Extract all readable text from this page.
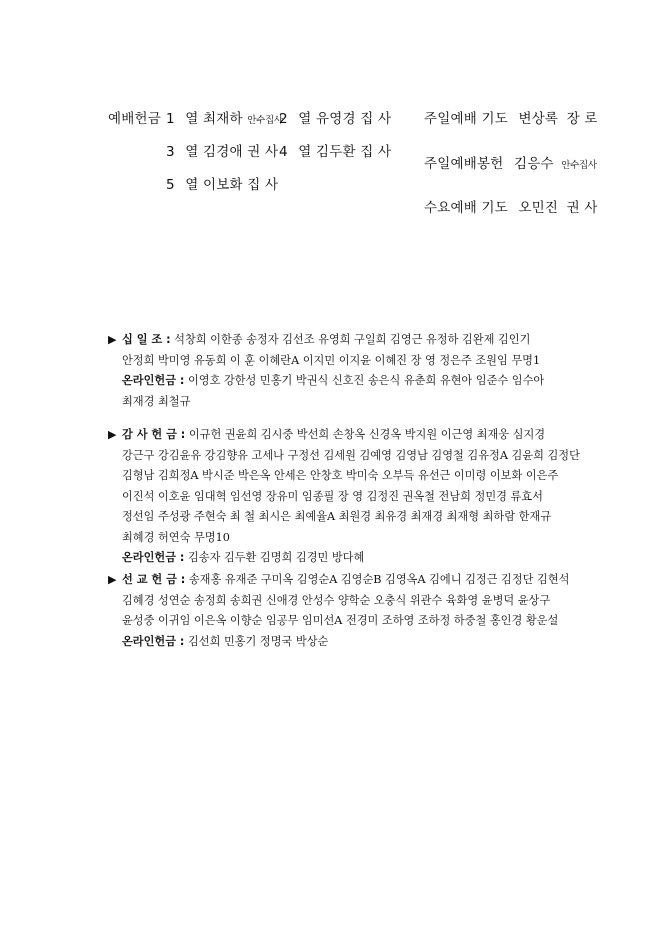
예배헌금 1 열 최재하 안수집사
2 열 유영경 집 사
3 열 김경애 권 사 4 열 김두환 집 사
5 열 이보화 집 사
주일예배 기도 변상록 장 로
주일예배봉헌 김응수 안수집사
수요예배 기도 오민진 권 사
▶ 십 일 조 : 석창희 이한종 송정자 김선조 유영희 구일희 김영근 유정하 김완제 김인기
안정희 박미영 유동희 이 훈 이혜란A 이지민 이지윤 이혜진 장 영 정은주 조원임 무명1
온라인헌금 : 이영호 강한성 민홍기 박권식 신호진 송은식 유춘희 유현아 임준수 임수아
최재경 최철규
▶ 감 사 헌 금 : 이규헌 권윤희 김시중 박선희 손창옥 신경옥 박지원 이근영 최재웅 심지경
강근구 강김윤유 강김향유 고세나 구정선 김세원 김예영 김영남 김영철 김유정A 김윤희 김정단
김형남 김희정A 박시준 박은옥 안세은 안창호 박미숙 오부득 유선근 이미령 이보화 이은주
이진석 이호윤 임대혁 임선영 장유미 임종필 장 영 김정진 권옥철 전남희 정민경 류효서
정선임 주성광 주현숙 최 철 최시은 최예율A 최원경 최유경 최재경 최재형 최하람 한재규
최혜경 허연숙 무명10
온라인헌금 : 김송자 김두환 김명희 김경민 방다혜
▶ 선 교 헌 금 : 송재홍 유재준 구미옥 김영순A 김영순B 김영옥A 김에니 김정근 김정단 김현석
김혜경 성연순 송정희 송희권 신애경 안성수 양학순 오충식 위관수 육화영 윤병덕 윤상구
윤성중 이귀임 이은옥 이향순 임공무 임미선A 전경미 조하영 조하정 하중철 홍인경 황운설
온라인헌금 : 김선희 민홍기 정명국 박상순
